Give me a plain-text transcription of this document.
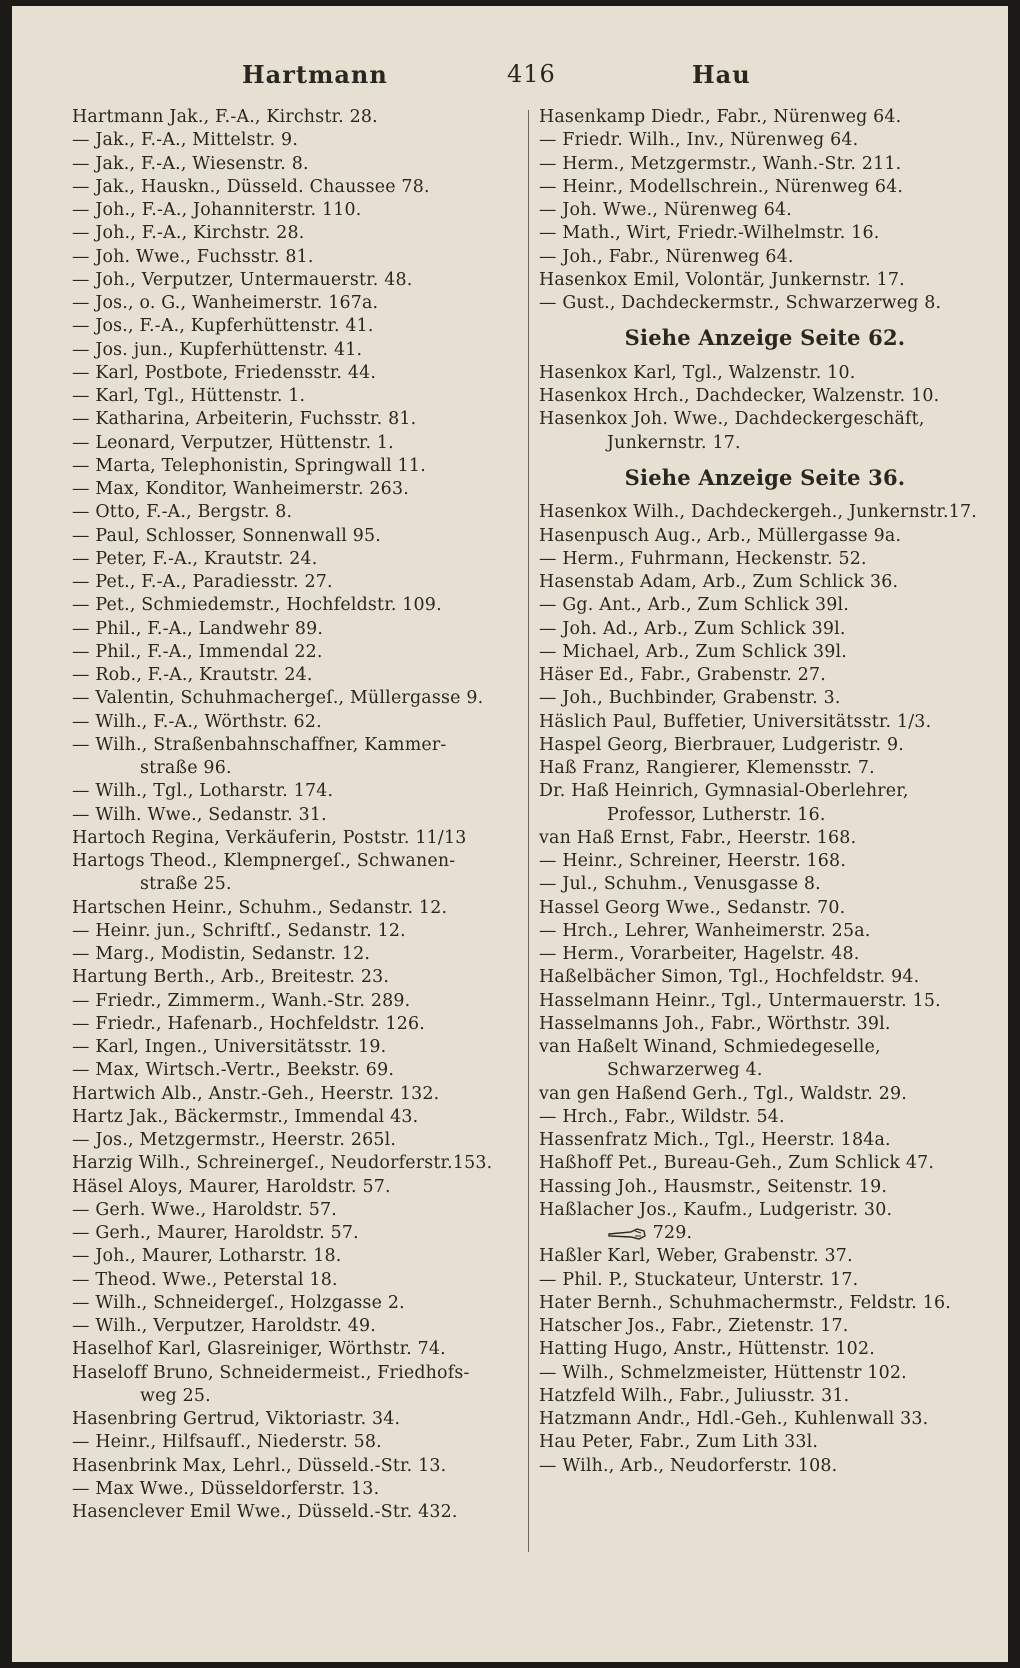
Hartmann	416	Hau
Hartmann Jak., F.-A., Kirchstr. 28.
— Jak., F.-A., Mittelstr. 9.
— Jak., F.-A., Wiesenstr. 8.
— Jak., Hauskn., Düsseld. Chaussee 78.
— Joh., F.-A., Johanniterstr. 110.
— Joh., F.-A., Kirchstr. 28.
— Joh. Wwe., Fuchsstr. 81.
— Joh., Verputzer, Untermauerstr. 48.
— Jos., o. G., Wanheimerstr. 167a.
— Jos., F.-A., Kupferhüttenstr. 41.
— Jos. jun., Kupferhüttenstr. 41.
— Karl, Postbote, Friedensstr. 44.
— Karl, Tgl., Hüttenstr. 1.
— Katharina, Arbeiterin, Fuchsstr. 81.
— Leonard, Verputzer, Hüttenstr. 1.
— Marta, Telephonistin, Springwall 11.
— Max, Konditor, Wanheimerstr. 263.
— Otto, F.-A., Bergstr. 8.
— Paul, Schlosser, Sonnenwall 95.
— Peter, F.-A., Krautstr. 24.
— Pet., F.-A., Paradiesstr. 27.
— Pet., Schmiedemstr., Hochfeldstr. 109.
— Phil., F.-A., Landwehr 89.
— Phil., F.-A., Immendal 22.
— Rob., F.-A., Krautstr. 24.
— Valentin, Schuhmachergeſ., Müllergasse 9.
— Wilh., F.-A., Wörthstr. 62.
— Wilh., Straßenbahnschaffner, Kammer-
straße 96.
— Wilh., Tgl., Lotharstr. 174.
— Wilh. Wwe., Sedanstr. 31.
Hartoch Regina, Verkäuferin, Poststr. 11/13
Hartogs Theod., Klempnergeſ., Schwanen-
straße 25.
Hartschen Heinr., Schuhm., Sedanstr. 12.
— Heinr. jun., Schriftſ., Sedanstr. 12.
— Marg., Modistin, Sedanstr. 12.
Hartung Berth., Arb., Breitestr. 23.
— Friedr., Zimmerm., Wanh.-Str. 289.
— Friedr., Hafenarb., Hochfeldstr. 126.
— Karl, Ingen., Universitätsstr. 19.
— Max, Wirtsch.-Vertr., Beekstr. 69.
Hartwich Alb., Anstr.-Geh., Heerstr. 132.
Hartz Jak., Bäckermstr., Immendal 43.
— Jos., Metzgermstr., Heerstr. 265l.
Harzig Wilh., Schreinergeſ., Neudorferstr.153.
Häsel Aloys, Maurer, Haroldstr. 57.
— Gerh. Wwe., Haroldstr. 57.
— Gerh., Maurer, Haroldstr. 57.
— Joh., Maurer, Lotharstr. 18.
— Theod. Wwe., Peterstal 18.
— Wilh., Schneidergeſ., Holzgasse 2.
— Wilh., Verputzer, Haroldstr. 49.
Haselhof Karl, Glasreiniger, Wörthstr. 74.
Haseloff Bruno, Schneidermeist., Friedhofs-
weg 25.
Hasenbring Gertrud, Viktoriastr. 34.
— Heinr., Hilfsaufſ., Niederstr. 58.
Hasenbrink Max, Lehrl., Düsseld.-Str. 13.
— Max Wwe., Düsseldorferstr. 13.
Hasenclever Emil Wwe., Düsseld.-Str. 432.
Hasenkamp Diedr., Fabr., Nürenweg 64.
— Friedr. Wilh., Inv., Nürenweg 64.
— Herm., Metzgermstr., Wanh.-Str. 211.
— Heinr., Modellschrein., Nürenweg 64.
— Joh. Wwe., Nürenweg 64.
— Math., Wirt, Friedr.-Wilhelmstr. 16.
— Joh., Fabr., Nürenweg 64.
Hasenkox Emil, Volontär, Junkernstr. 17.
— Gust., Dachdeckermstr., Schwarzerweg 8.
Siehe Anzeige Seite 62.
Hasenkox Karl, Tgl., Walzenstr. 10.
Hasenkox Hrch., Dachdecker, Walzenstr. 10.
Hasenkox Joh. Wwe., Dachdeckergeschäft,
Junkernstr. 17.
Siehe Anzeige Seite 36.
Hasenkox Wilh., Dachdeckergeh., Junkernstr.17.
Hasenpusch Aug., Arb., Müllergasse 9a.
— Herm., Fuhrmann, Heckenstr. 52.
Hasenstab Adam, Arb., Zum Schlick 36.
— Gg. Ant., Arb., Zum Schlick 39l.
— Joh. Ad., Arb., Zum Schlick 39l.
— Michael, Arb., Zum Schlick 39l.
Häser Ed., Fabr., Grabenstr. 27.
— Joh., Buchbinder, Grabenstr. 3.
Häslich Paul, Buffetier, Universitätsstr. 1/3.
Haspel Georg, Bierbrauer, Ludgeristr. 9.
Haß Franz, Rangierer, Klemensstr. 7.
Dr. Haß Heinrich, Gymnasial-Oberlehrer,
Professor, Lutherstr. 16.
van Haß Ernst, Fabr., Heerstr. 168.
— Heinr., Schreiner, Heerstr. 168.
— Jul., Schuhm., Venusgasse 8.
Hassel Georg Wwe., Sedanstr. 70.
— Hrch., Lehrer, Wanheimerstr. 25a.
— Herm., Vorarbeiter, Hagelstr. 48.
Haßelbächer Simon, Tgl., Hochfeldstr. 94.
Hasselmann Heinr., Tgl., Untermauerstr. 15.
Hasselmanns Joh., Fabr., Wörthstr. 39l.
van Haßelt Winand, Schmiedegeselle,
Schwarzerweg 4.
van gen Haßend Gerh., Tgl., Waldstr. 29.
— Hrch., Fabr., Wildstr. 54.
Hassenfratz Mich., Tgl., Heerstr. 184a.
Haßhoff Pet., Bureau-Geh., Zum Schlick 47.
Hassing Joh., Hausmstr., Seitenstr. 19.
Haßlacher Jos., Kaufm., Ludgeristr. 30.
729.
Haßler Karl, Weber, Grabenstr. 37.
— Phil. P., Stuckateur, Unterstr. 17.
Hater Bernh., Schuhmachermstr., Feldstr. 16.
Hatscher Jos., Fabr., Zietenstr. 17.
Hatting Hugo, Anstr., Hüttenstr. 102.
— Wilh., Schmelzmeister, Hüttenstr 102.
Hatzfeld Wilh., Fabr., Juliusstr. 31.
Hatzmann Andr., Hdl.-Geh., Kuhlenwall 33.
Hau Peter, Fabr., Zum Lith 33l.
— Wilh., Arb., Neudorferstr. 108.
